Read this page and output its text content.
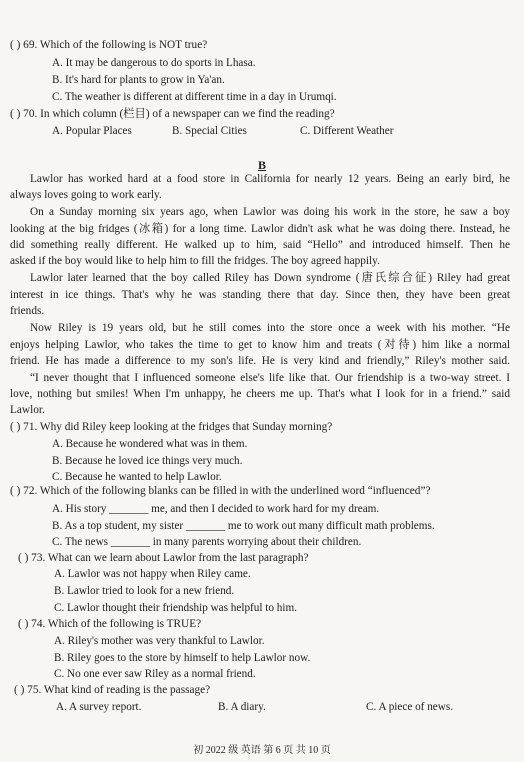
( ) 69. Which of the following is NOT true?
A. It may be dangerous to do sports in Lhasa.
B. It's hard for plants to grow in Ya'an.
C. The weather is different at different time in a day in Urumqi.
( ) 70. In which column (栏目) of a newspaper can we find the reading?
A. Popular Places	B. Special Cities	C. Different Weather
B
Lawlor has worked hard at a food store in California for nearly 12 years. Being an early bird, he
always loves going to work early.
On a Sunday morning six years ago, when Lawlor was doing his work in the store, he saw a boy
looking at the big fridges (冰箱) for a long time. Lawlor didn't ask what he was doing there. Instead, he
did something really different. He walked up to him, said “Hello” and introduced himself. Then he
asked if the boy would like to help him to fill the fridges. The boy agreed happily.
Lawlor later learned that the boy called Riley has Down syndrome (唐氏综合征) Riley had great
interest in ice things. That's why he was standing there that day. Since then, they have been great
friends.
Now Riley is 19 years old, but he still comes into the store once a week with his mother. “He
enjoys helping Lawlor, who takes the time to get to know him and treats (对待) him like a normal
friend. He has made a difference to my son's life. He is very kind and friendly,” Riley's mother said.
“I never thought that I influenced someone else's life like that. Our friendship is a two-way street. I
love, nothing but smiles! When I'm unhappy, he cheers me up. That's what I look for in a friend.” said
Lawlor.
( ) 71. Why did Riley keep looking at the fridges that Sunday morning?
A. Because he wondered what was in them.
B. Because he loved ice things very much.
C. Because he wanted to help Lawlor.
( ) 72. Which of the following blanks can be filled in with the underlined word “influenced”?
A. His story _______ me, and then I decided to work hard for my dream.
B. As a top student, my sister _______ me to work out many difficult math problems.
C. The news _______ in many parents worrying about their children.
( ) 73. What can we learn about Lawlor from the last paragraph?
A. Lawlor was not happy when Riley came.
B. Lawlor tried to look for a new friend.
C. Lawlor thought their friendship was helpful to him.
( ) 74. Which of the following is TRUE?
A. Riley's mother was very thankful to Lawlor.
B. Riley goes to the store by himself to help Lawlor now.
C. No one ever saw Riley as a normal friend.
( ) 75. What kind of reading is the passage?
A. A survey report.	B. A diary.	C. A piece of news.
初 2022 级 英语 第 6 页 共 10 页
